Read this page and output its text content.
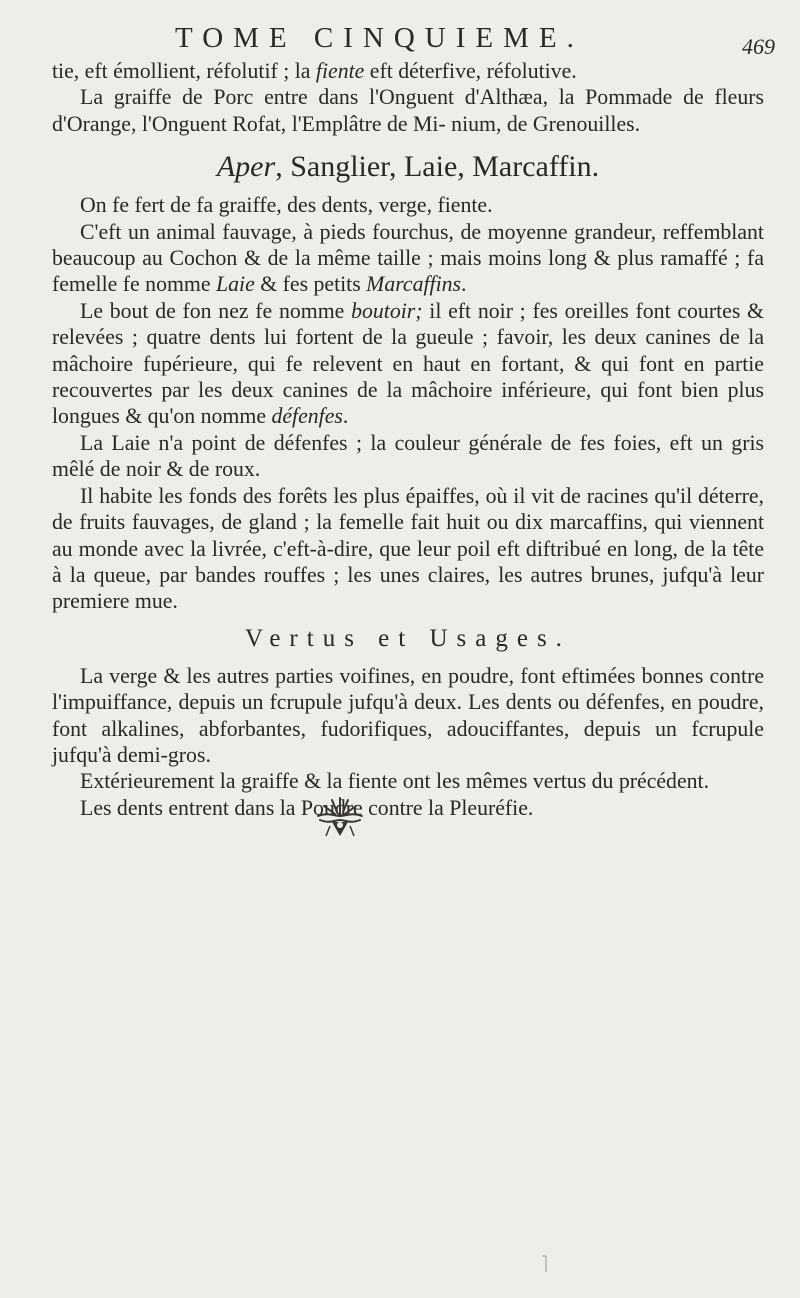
TOME CINQUIEME.	469

tie, eft émollient, réfolutif ; la fiente eft déterfive, réfolutive.

La graiffe de Porc entre dans l'Onguent d'Althæa, la Pommade de fleurs d'Orange, l'Onguent Rofat, l'Emplâtre de Mi- nium, de Grenouilles.

Aper, Sanglier, Laie, Marcaffin.

On fe fert de fa graiffe, des dents, verge, fiente.

C'eft un animal fauvage, à pieds fourchus, de moyenne grandeur, reffemblant beaucoup au Cochon & de la même taille ; mais moins long & plus ramaffé ; fa femelle fe nomme Laie & fes petits Marcaffins.

Le bout de fon nez fe nomme boutoir; il eft noir ; fes oreilles font courtes & relevées ; quatre dents lui fortent de la gueule ; favoir, les deux canines de la mâchoire fupérieure, qui fe relevent en haut en fortant, & qui font en partie recouvertes par les deux canines de la mâchoire inférieure, qui font bien plus longues & qu'on nomme défenfes.

La Laie n'a point de défenfes ; la couleur générale de fes foies, eft un gris mêlé de noir & de roux.

Il habite les fonds des forêts les plus épaiffes, où il vit de racines qu'il déterre, de fruits fauvages, de gland ; la femelle fait huit ou dix marcaffins, qui viennent au monde avec la livrée, c'eft-à-dire, que leur poil eft diftribué en long, de la tête à la queue, par bandes rouffes ; les unes claires, les autres brunes, jufqu'à leur premiere mue.

Vertus et Usages.

La verge & les autres parties voifines, en poudre, font eftimées bonnes contre l'impuiffance, depuis un fcrupule jufqu'à deux. Les dents ou défenfes, en poudre, font alkalines, abforbantes, fudorifiques, adouciffantes, depuis un fcrupule jufqu'à demi-gros.

Extérieurement la graiffe & la fiente ont les mêmes vertus du précédent.

Les dents entrent dans la Poudre contre la Pleuréfie.
